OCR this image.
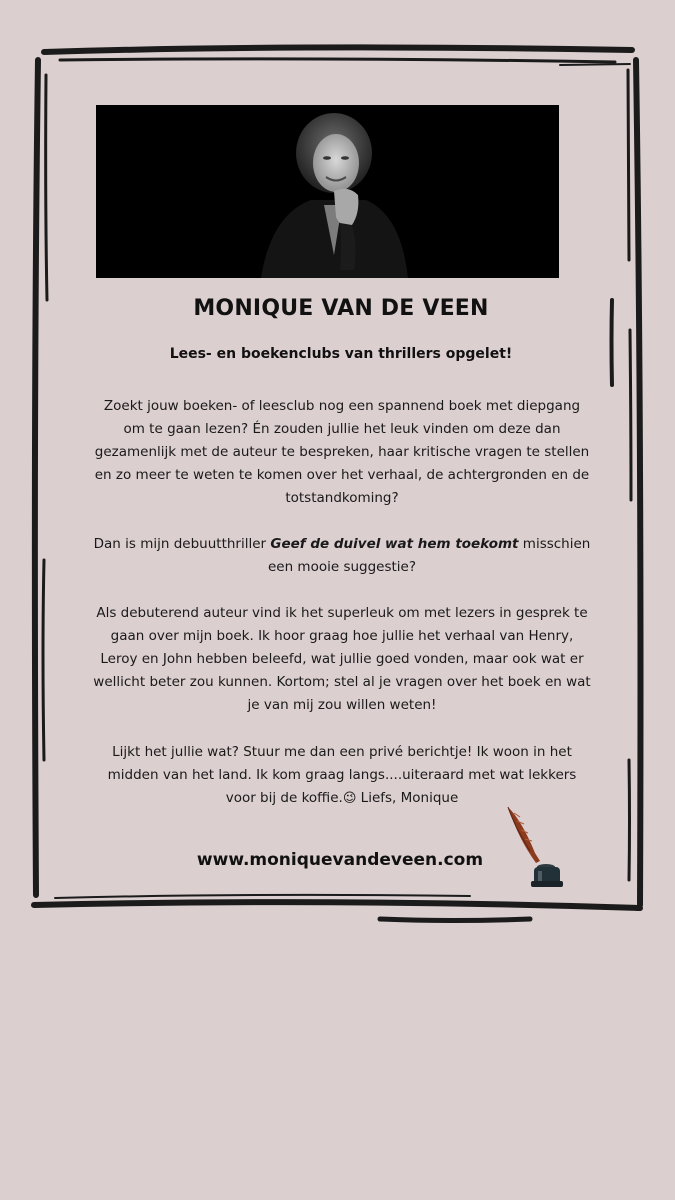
MONIQUE VAN DE VEEN
Lees- en boekenclubs van thrillers opgelet!

Zoekt jouw boeken- of leesclub nog een spannend boek met diepgang om te gaan lezen? Én zouden jullie het leuk vinden om deze dan gezamenlijk met de auteur te bespreken, haar kritische vragen te stellen en zo meer te weten te komen over het verhaal, de achtergronden en de totstandkoming?

Dan is mijn debuutthriller Geef de duivel wat hem toekomt misschien een mooie suggestie?

Als debuterend auteur vind ik het superleuk om met lezers in gesprek te gaan over mijn boek. Ik hoor graag hoe jullie het verhaal van Henry, Leroy en John hebben beleefd, wat jullie goed vonden, maar ook wat er wellicht beter zou kunnen. Kortom; stel al je vragen over het boek en wat je van mij zou willen weten!

Lijkt het jullie wat? Stuur me dan een privé berichtje! Ik woon in het midden van het land. Ik kom graag langs....uiteraard met wat lekkers voor bij de koffie.😉 Liefs, Monique

www.moniquevandeveen.com
